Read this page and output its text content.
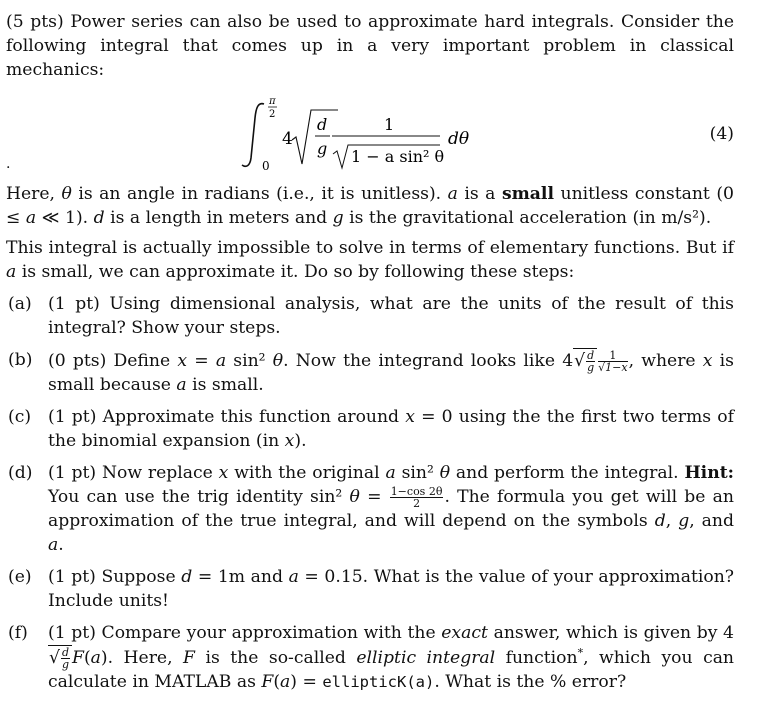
(5 pts) Power series can also be used to approximate hard integrals. Consider the following integral that comes up in a very important problem in classical mechanics:

π
2
0
4
d
g
1
1 − a sin² θ
dθ	(4)
.

Here, θ is an angle in radians (i.e., it is unitless). a is a small unitless constant (0 ≤ a ≪ 1). d is a length in meters and g is the gravitational acceleration (in m/s²).

This integral is actually impossible to solve in terms of elementary functions. But if a is small, we can approximate it. Do so by following these steps:

(a) (1 pt) Using dimensional analysis, what are the units of the result of this integral? Show your steps.
(b) (0 pts) Define x = a sin² θ. Now the integrand looks like $4√ \frac{d}{g} \frac{1}{√1-x}$ , where x is small because a is small.
(c) (1 pt) Approximate this function around x = 0 using the the first two terms of the binomial expansion (in x).
(d) (1 pt) Now replace x with the original a sin² θ and perform the integral. Hint: You can use the trig identity sin² $\theta = \frac{1-\cos 2\theta}{2}$ . The formula you get will be an approximation of the true integral, and will depend on the symbols d, g, and a.
(e) (1 pt) Suppose d = 1m and a = 0.15. What is the value of your approximation? Include units!
(f)	(1 pt) Compare your approximation with the exact answer, which is given by $4√ \frac{d}{g} F(a)$. Here, F is the so-called elliptic integral function*, which you can calculate in MATLAB as F(a) = ellipticK(a). What is the % error?
